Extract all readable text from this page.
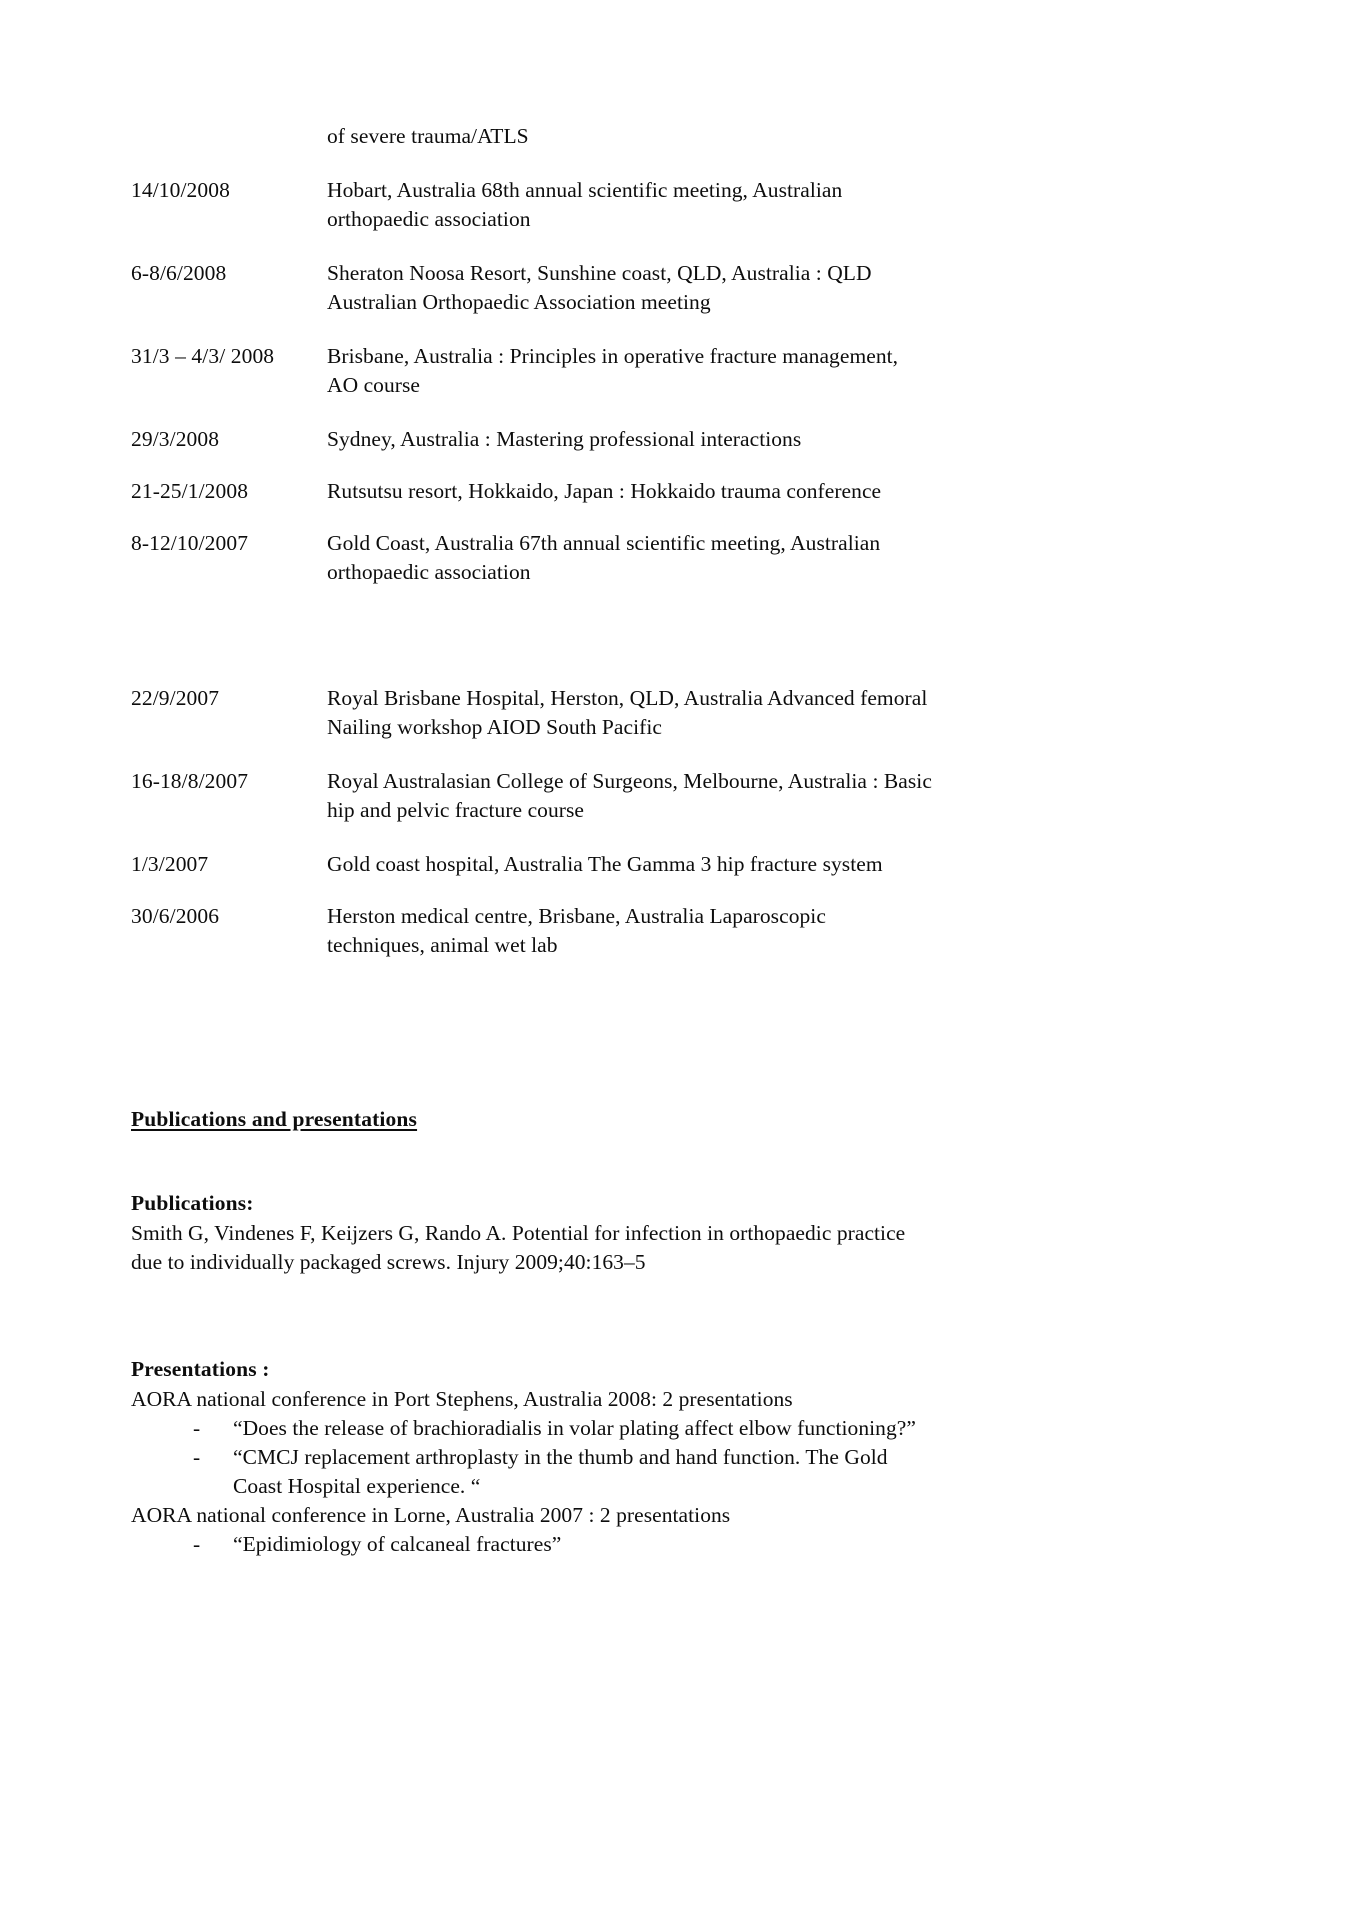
of severe trauma/ATLS
14/10/2008	Hobart, Australia 68th annual scientific meeting, Australian
orthopaedic association
6-8/6/2008	Sheraton Noosa Resort, Sunshine coast, QLD, Australia : QLD
Australian Orthopaedic Association meeting
31/3 – 4/3/ 2008	Brisbane, Australia : Principles in operative fracture management,
AO course
29/3/2008	Sydney, Australia : Mastering professional interactions
21-25/1/2008	Rutsutsu resort, Hokkaido, Japan : Hokkaido trauma conference
8-12/10/2007	Gold Coast, Australia 67th annual scientific meeting, Australian
orthopaedic association
22/9/2007	Royal Brisbane Hospital, Herston, QLD, Australia Advanced femoral
Nailing workshop AIOD South Pacific
16-18/8/2007	Royal Australasian College of Surgeons, Melbourne, Australia : Basic
hip and pelvic fracture course
1/3/2007	Gold coast hospital, Australia The Gamma 3 hip fracture system
30/6/2006	Herston medical centre, Brisbane, Australia Laparoscopic
techniques, animal wet lab
Publications and presentations

Publications:

Smith G, Vindenes F, Keijzers G, Rando A. Potential for infection in orthopaedic practice

due to individually packaged screws. Injury 2009;40:163–5

Presentations :

AORA national conference in Port Stephens, Australia 2008: 2 presentations

-	“Does the release of brachioradialis in volar plating affect elbow functioning?”
-	“CMCJ replacement arthroplasty in the thumb and hand function. The Gold
Coast Hospital experience. “

AORA national conference in Lorne, Australia 2007 : 2 presentations

-	“Epidimiology of calcaneal fractures”
